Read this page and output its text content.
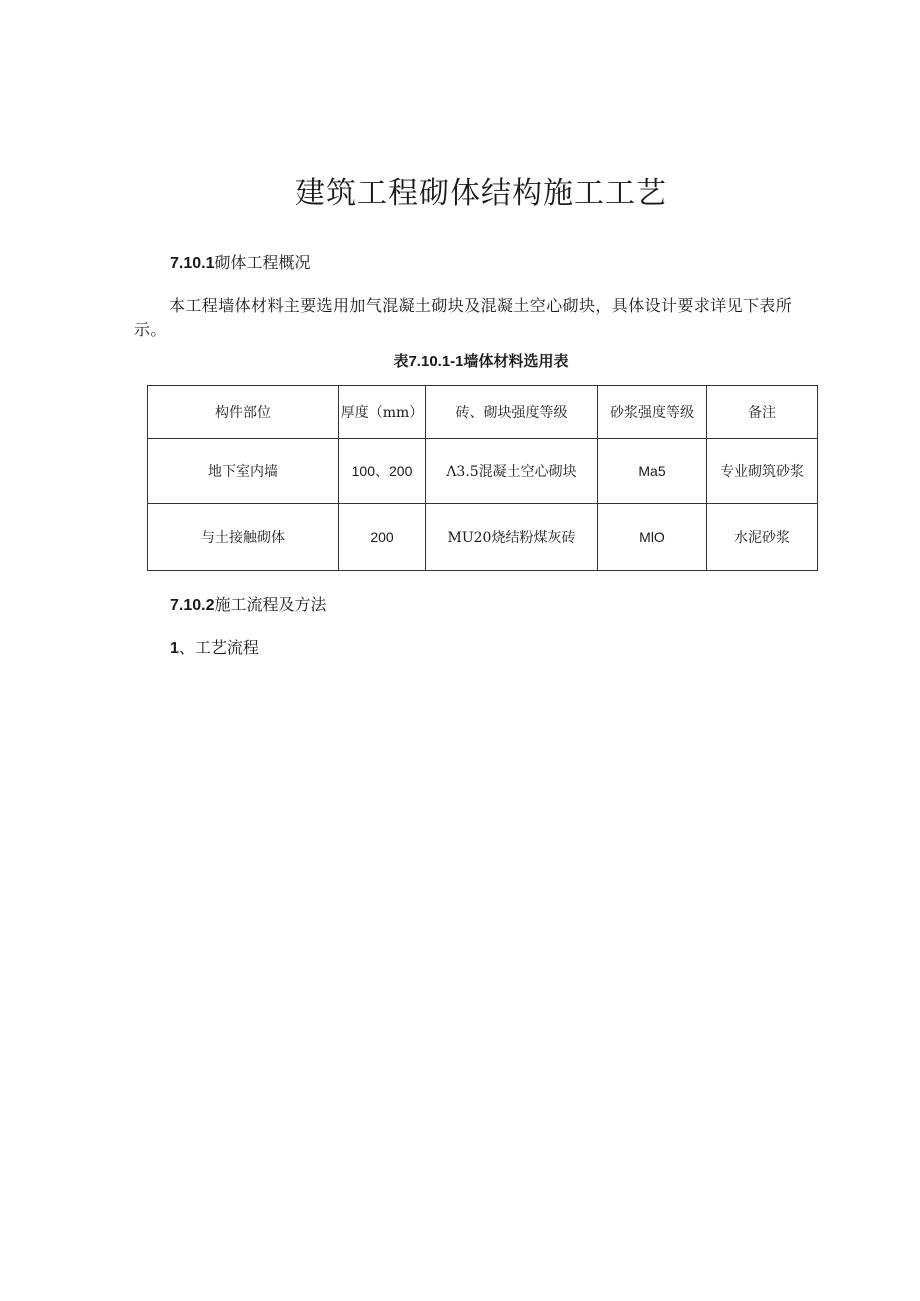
建筑工程砌体结构施工工艺
7.10.1砌体工程概况
本工程墙体材料主要选用加气混凝土砌块及混凝土空心砌块，具体设计要求详见下表所示。
表7.10.1-1墙体材料选用表
构件部位	厚度（mm）	砖、砌块强度等级	砂浆强度等级	备注
地下室内墙	100、200	Λ3.5混凝土空心砌块	Ma5	专业砌筑砂浆
与土接触砌体	200	MU20烧结粉煤灰砖	MlO	水泥砂浆
7.10.2施工流程及方法
1、工艺流程
